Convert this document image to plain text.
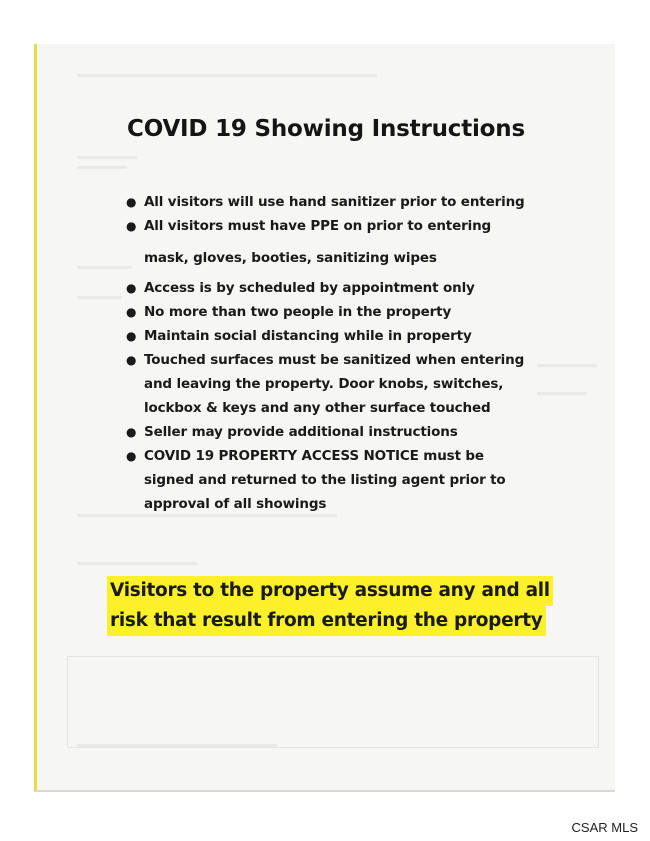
COVID 19 Showing Instructions
● All visitors will use hand sanitizer prior to entering
● All visitors must have PPE on prior to entering
mask, gloves, booties, sanitizing wipes
● Access is by scheduled by appointment only
● No more than two people in the property
● Maintain social distancing while in property
● Touched surfaces must be sanitized when entering
and leaving the property. Door knobs, switches,
lockbox & keys and any other surface touched
● Seller may provide additional instructions
● COVID 19 PROPERTY ACCESS NOTICE must be
signed and returned to the listing agent prior to
approval of all showings
Visitors to the property assume any and all
risk that result from entering the property
CSAR MLS
